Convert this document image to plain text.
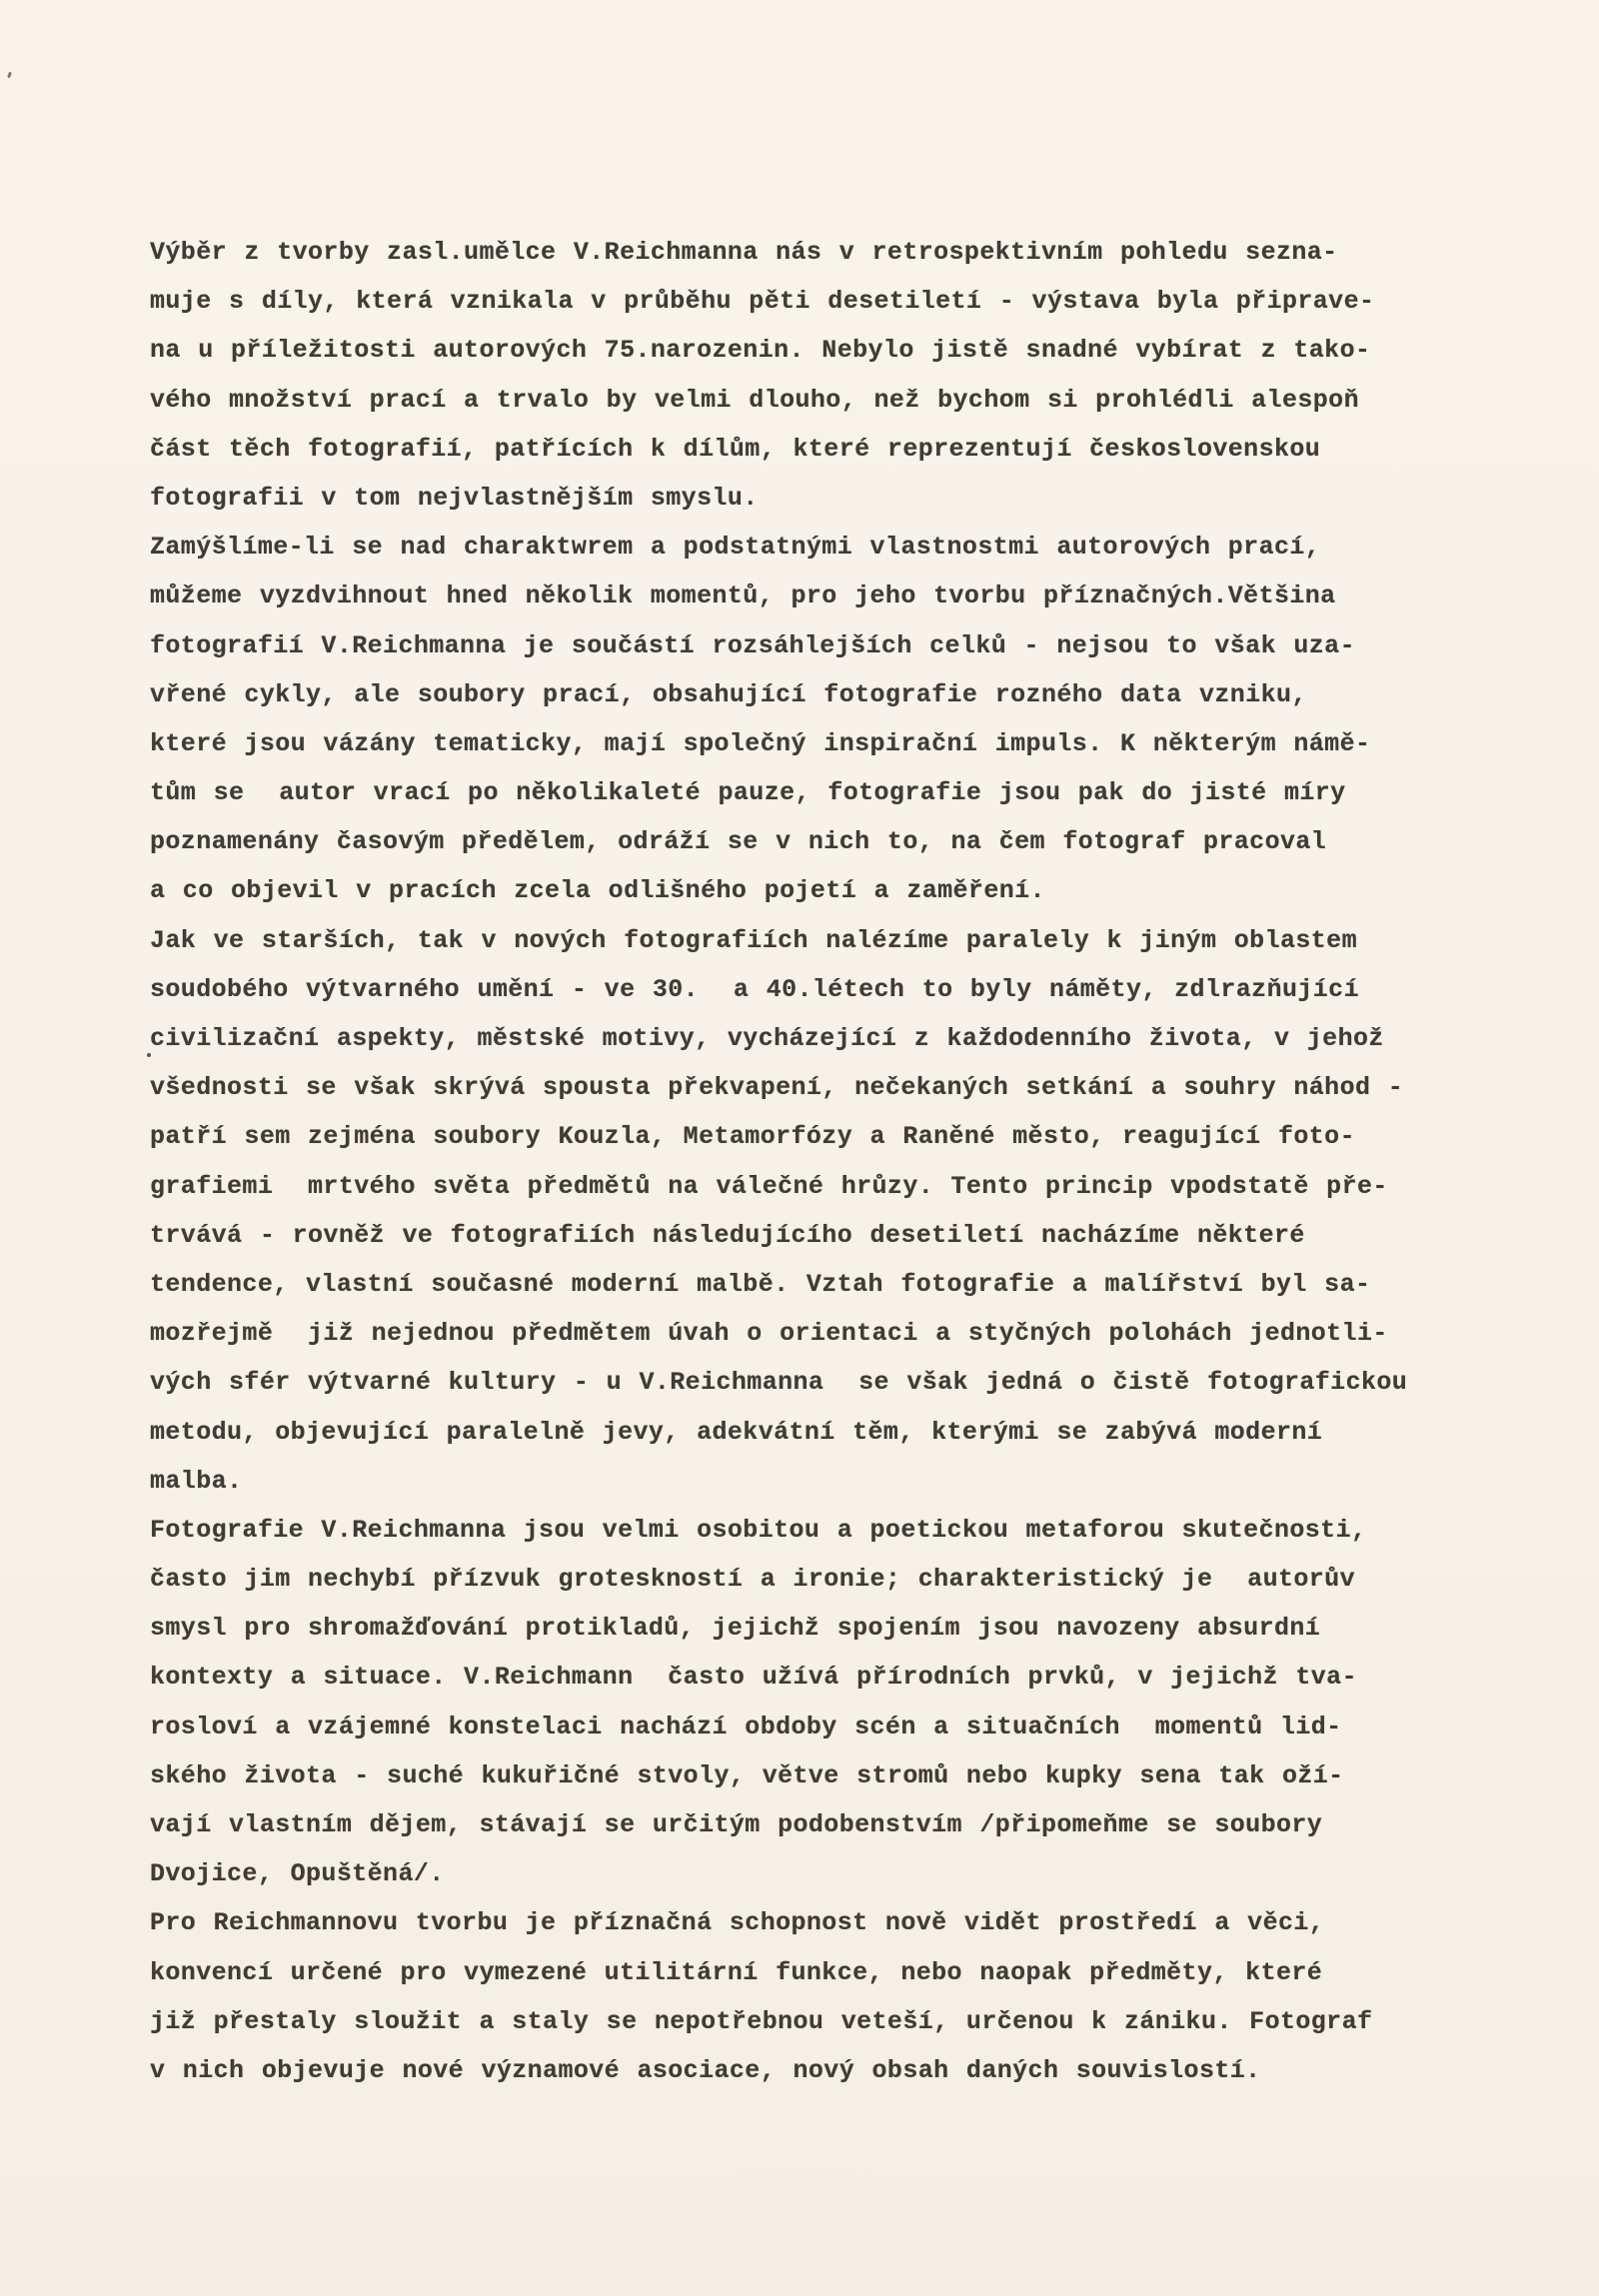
Výběr z tvorby zasl.umělce V.Reichmanna nás v retrospektivním pohledu sezna-
muje s díly, která vznikala v průběhu pěti desetiletí - výstava byla připrave-
na u příležitosti autorových 75.narozenin. Nebylo jistě snadné vybírat z tako-
vého množství prací a trvalo by velmi dlouho, než bychom si prohlédli alespoň
část těch fotografií, patřících k dílům, které reprezentují československou
fotografii v tom nejvlastnějším smyslu.
Zamýšlíme-li se nad charaktwrem a podstatnými vlastnostmi autorových prací,
můžeme vyzdvihnout hned několik momentů, pro jeho tvorbu příznačných.Většina
fotografií V.Reichmanna je součástí rozsáhlejších celků - nejsou to však uza-
vřené cykly, ale soubory prací, obsahující fotografie rozného data vzniku,
které jsou vázány tematicky, mají společný inspirační impuls. K některým námě-
tům se  autor vrací po několikaleté pauze, fotografie jsou pak do jisté míry
poznamenány časovým předělem, odráží se v nich to, na čem fotograf pracoval
a co objevil v pracích zcela odlišného pojetí a zaměření.
Jak ve starších, tak v nových fotografiích nalézíme paralely k jiným oblastem
soudobého výtvarného umění - ve 30.  a 40.létech to byly náměty, zdlrazňující
civilizační aspekty, městské motivy, vycházející z každodenního života, v jehož
všednosti se však skrývá spousta překvapení, nečekaných setkání a souhry náhod -
patří sem zejména soubory Kouzla, Metamorfózy a Raněné město, reagující foto-
grafiemi  mrtvého světa předmětů na válečné hrůzy. Tento princip vpodstatě pře-
trvává - rovněž ve fotografiích následujícího desetiletí nacházíme některé
tendence, vlastní současné moderní malbě. Vztah fotografie a malířství byl sa-
mozřejmě  již nejednou předmětem úvah o orientaci a styčných polohách jednotli-
vých sfér výtvarné kultury - u V.Reichmanna  se však jedná o čistě fotografickou
metodu, objevující paralelně jevy, adekvátní těm, kterými se zabývá moderní
malba.
Fotografie V.Reichmanna jsou velmi osobitou a poetickou metaforou skutečnosti,
často jim nechybí přízvuk groteskností a ironie; charakteristický je  autorův
smysl pro shromažďování protikladů, jejichž spojením jsou navozeny absurdní
kontexty a situace. V.Reichmann  často užívá přírodních prvků, v jejichž tva-
rosloví a vzájemné konstelaci nachází obdoby scén a situačních  momentů lid-
ského života - suché kukuřičné stvoly, větve stromů nebo kupky sena tak oží-
vají vlastním dějem, stávají se určitým podobenstvím /připomeňme se soubory
Dvojice, Opuštěná/.
Pro Reichmannovu tvorbu je příznačná schopnost nově vidět prostředí a věci,
konvencí určené pro vymezené utilitární funkce, nebo naopak předměty, které
již přestaly sloužit a staly se nepotřebnou veteší, určenou k zániku. Fotograf
v nich objevuje nové významové asociace, nový obsah daných souvislostí.
